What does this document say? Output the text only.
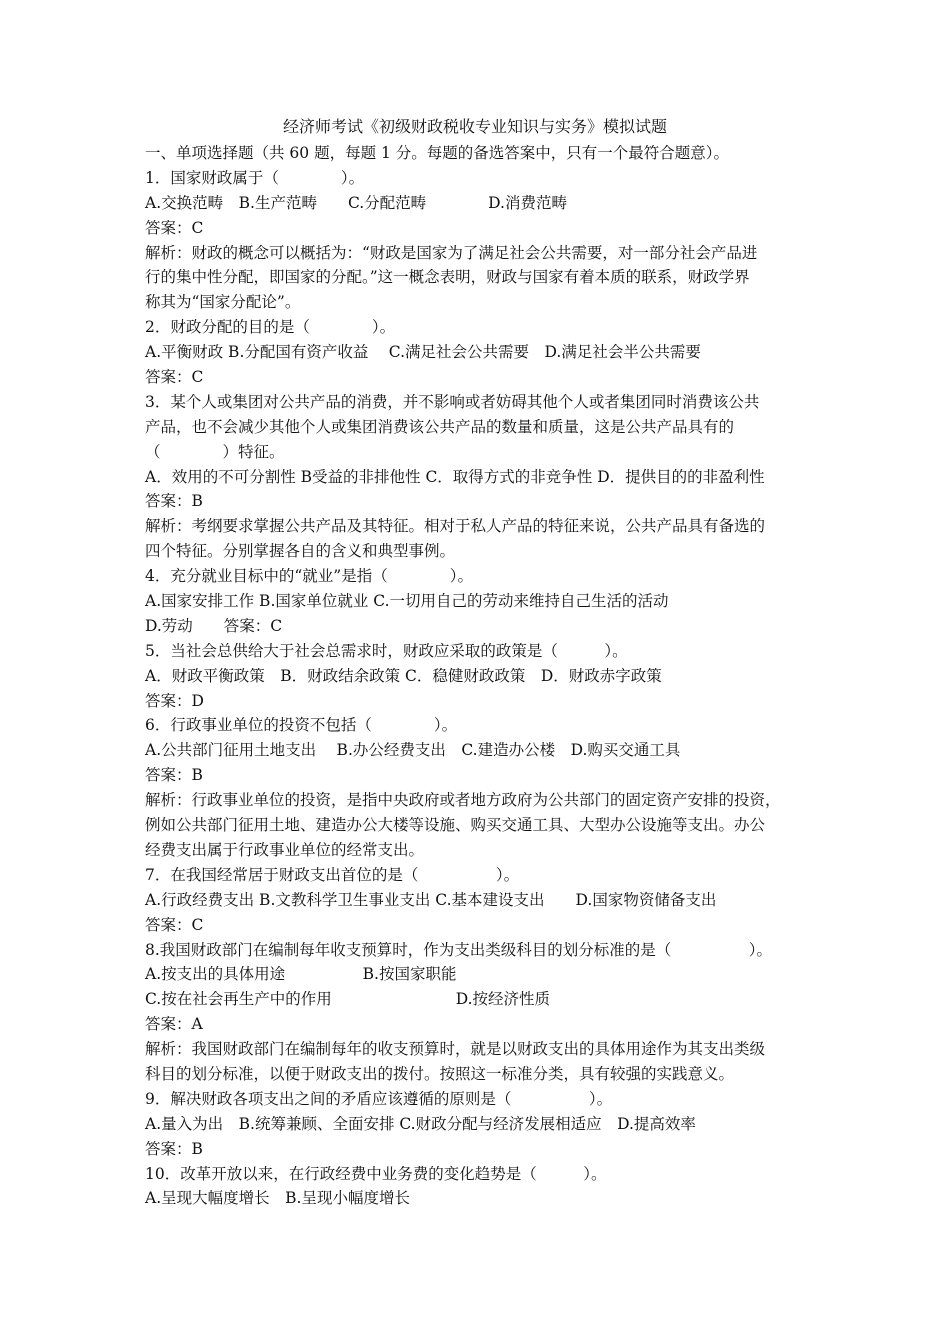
经济师考试《初级财政税收专业知识与实务》模拟试题
一、单项选择题（共 60 题，每题 1 分。每题的备选答案中，只有一个最符合题意）。
1．国家财政属于（　　　　）。
A.交换范畴　B.生产范畴　　C.分配范畴　　　　D.消费范畴
答案：C
解析：财政的概念可以概括为：“财政是国家为了满足社会公共需要，对一部分社会产品进
行的集中性分配，即国家的分配。”这一概念表明，财政与国家有着本质的联系，财政学界
称其为“国家分配论”。
2．财政分配的目的是（　　　　）。
A.平衡财政 B.分配国有资产收益　 C.满足社会公共需要　D.满足社会半公共需要
答案：C
3．某个人或集团对公共产品的消费，并不影响或者妨碍其他个人或者集团同时消费该公共
产品，也不会减少其他个人或集团消费该公共产品的数量和质量，这是公共产品具有的
（　　　　）特征。
A．效用的不可分割性 B受益的非排他性 C．取得方式的非竞争性 D．提供目的的非盈利性
答案：B
解析：考纲要求掌握公共产品及其特征。相对于私人产品的特征来说，公共产品具有备选的
四个特征。分别掌握各自的含义和典型事例。
4．充分就业目标中的“就业”是指（　　　　）。
A.国家安排工作 B.国家单位就业 C.一切用自己的劳动来维持自己生活的活动
D.劳动　　答案：C
5．当社会总供给大于社会总需求时，财政应采取的政策是（　　　）。
A．财政平衡政策　B．财政结余政策 C．稳健财政政策　D．财政赤字政策
答案：D
6．行政事业单位的投资不包括（　　　　）。
A.公共部门征用土地支出　 B.办公经费支出　C.建造办公楼　D.购买交通工具
答案：B
解析：行政事业单位的投资，是指中央政府或者地方政府为公共部门的固定资产安排的投资，
例如公共部门征用土地、建造办公大楼等设施、购买交通工具、大型办公设施等支出。办公
经费支出属于行政事业单位的经常支出。
7．在我国经常居于财政支出首位的是（　　　　　）。
A.行政经费支出 B.文教科学卫生事业支出 C.基本建设支出　　D.国家物资储备支出
答案：C
8.我国财政部门在编制每年收支预算时，作为支出类级科目的划分标准的是（　　　　　）。
A.按支出的具体用途　　　　　B.按国家职能
C.按在社会再生产中的作用　　　　　　　　D.按经济性质
答案：A
解析：我国财政部门在编制每年的收支预算时，就是以财政支出的具体用途作为其支出类级
科目的划分标准，以便于财政支出的拨付。按照这一标准分类，具有较强的实践意义。
9．解决财政各项支出之间的矛盾应该遵循的原则是（　　　　　）。
A.量入为出　B.统筹兼顾、全面安排 C.财政分配与经济发展相适应　D.提高效率
答案：B
10．改革开放以来，在行政经费中业务费的变化趋势是（　　　）。
A.呈现大幅度增长　B.呈现小幅度增长
